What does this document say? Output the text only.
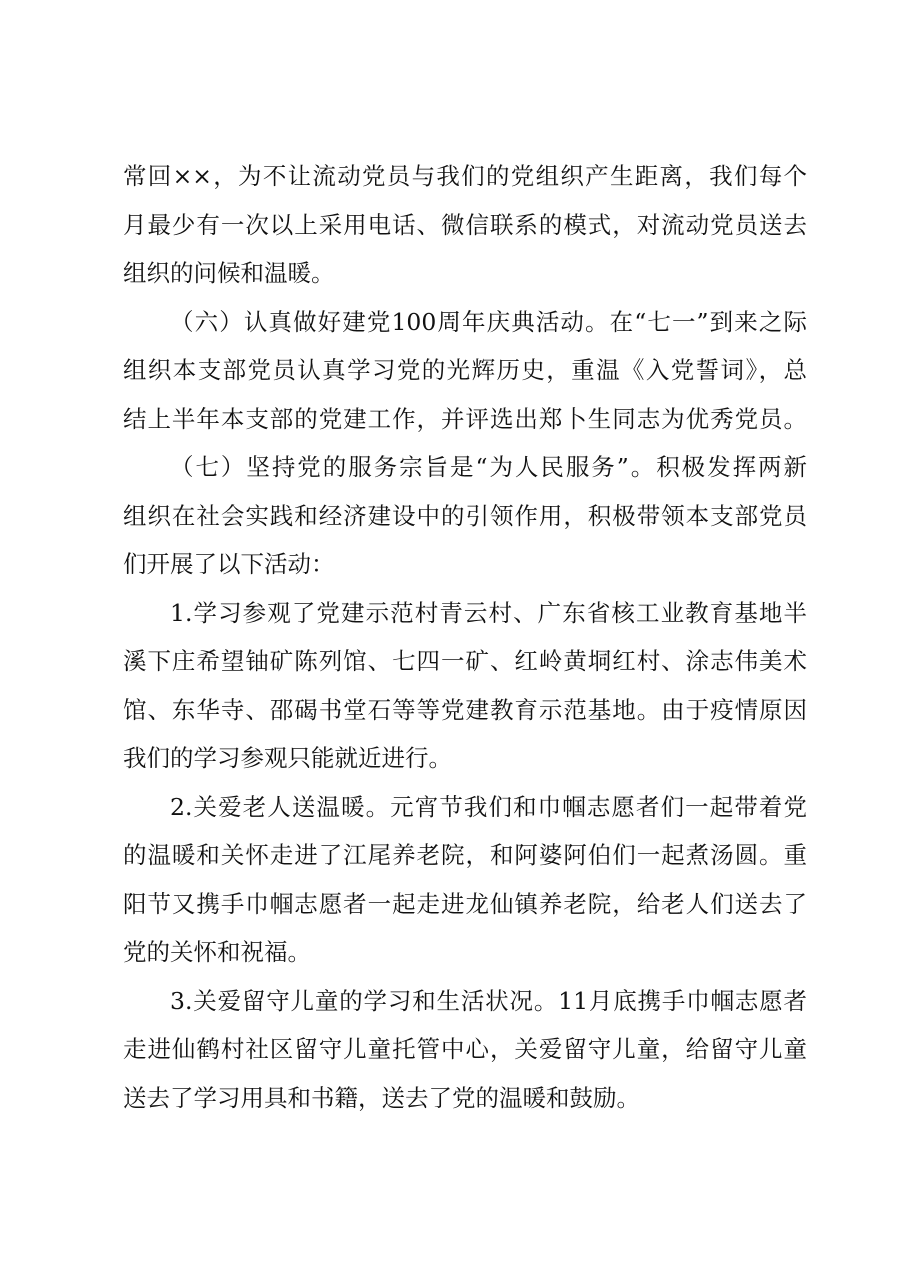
常回××，为不让流动党员与我们的党组织产生距离，我们每个
月最少有一次以上采用电话、微信联系的模式，对流动党员送去
组织的问候和温暖。
（六）认真做好建党100周年庆典活动。在“七一”到来之际
组织本支部党员认真学习党的光辉历史，重温《入党誓词》，总
结上半年本支部的党建工作，并评选出郑卜生同志为优秀党员。
（七）坚持党的服务宗旨是“为人民服务”。积极发挥两新
组织在社会实践和经济建设中的引领作用，积极带领本支部党员
们开展了以下活动：
1.学习参观了党建示范村青云村、广东省核工业教育基地半
溪下庄希望铀矿陈列馆、七四一矿、红岭黄垌红村、涂志伟美术
馆、东华寺、邵碣书堂石等等党建教育示范基地。由于疫情原因
我们的学习参观只能就近进行。
2.关爱老人送温暖。元宵节我们和巾帼志愿者们一起带着党
的温暖和关怀走进了江尾养老院，和阿婆阿伯们一起煮汤圆。重
阳节又携手巾帼志愿者一起走进龙仙镇养老院，给老人们送去了
党的关怀和祝福。
3.关爱留守儿童的学习和生活状况。11月底携手巾帼志愿者
走进仙鹤村社区留守儿童托管中心，关爱留守儿童，给留守儿童
送去了学习用具和书籍，送去了党的温暖和鼓励。
